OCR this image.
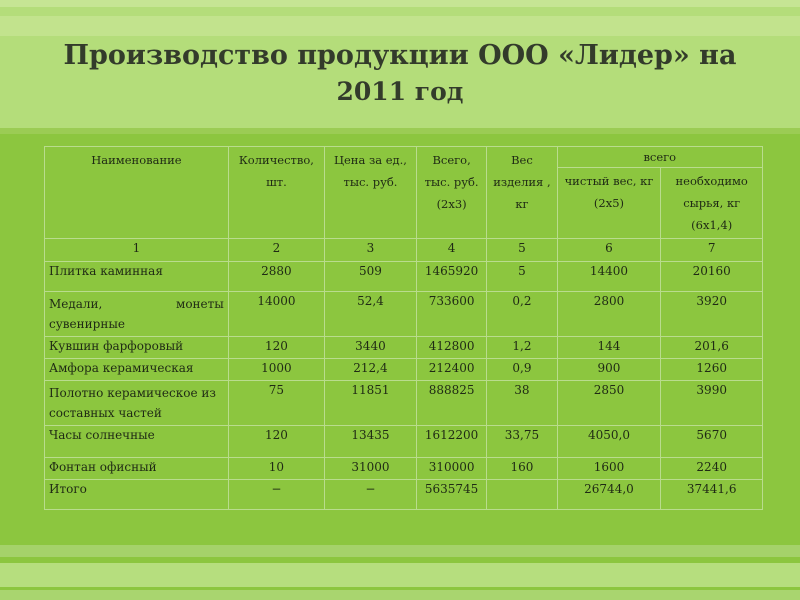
Производство продукции ООО «Лидер» на
2011 год
Наименование	Количество, шт.	Цена за ед., тыс. руб.	Всего, тыс. руб. (2х3)	Вес изделия , кг	всего	
					чистый вес, кг (2х5)	необходимо сырья, кг (6х1,4)
1	2	3	4	5	6	7
Плитка каминная	2880	509	1465920	5	14400	20160

Медали, монеты
сувенирные	14000	52,4	733600	0,2	2800	3920
Кувшин фарфоровый	120	3440	412800	1,2	144	201,6
Амфора керамическая	1000	212,4	212400	0,9	900	1260
Полотно керамическое из составных частей	75	11851	888825	38	2850	3990
Часы солнечные	120	13435	1612200	33,75	4050,0	5670
Фонтан офисный	10	31000	310000	160	1600	2240
Итого	−	−	5635745		26744,0	37441,6
